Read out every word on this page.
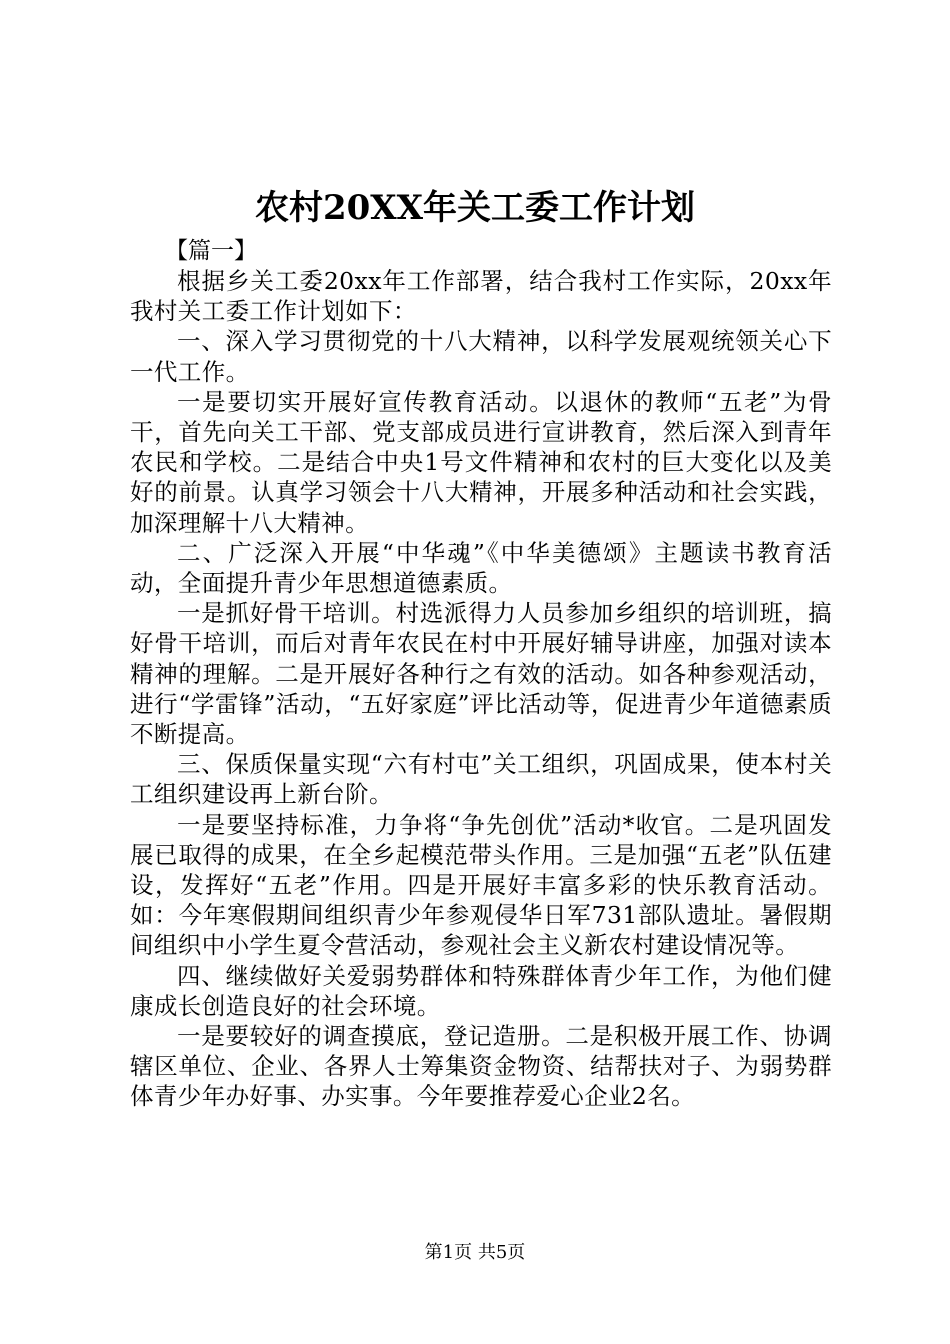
农村20XX年关工委工作计划
【篇一】

根据乡关工委20xx年工作部署，结合我村工作实际，20xx年我村关工委工作计划如下：

一、深入学习贯彻党的十八大精神，以科学发展观统领关心下一代工作。

一是要切实开展好宣传教育活动。以退休的教师“五老”为骨干，首先向关工干部、党支部成员进行宣讲教育，然后深入到青年农民和学校。二是结合中央1号文件精神和农村的巨大变化以及美好的前景。认真学习领会十八大精神，开展多种活动和社会实践，加深理解十八大精神。

二、广泛深入开展“中华魂”《中华美德颂》主题读书教育活动，全面提升青少年思想道德素质。

一是抓好骨干培训。村选派得力人员参加乡组织的培训班，搞好骨干培训，而后对青年农民在村中开展好辅导讲座，加强对读本精神的理解。二是开展好各种行之有效的活动。如各种参观活动，进行“学雷锋”活动，“五好家庭”评比活动等，促进青少年道德素质不断提高。

三、保质保量实现“六有村屯”关工组织，巩固成果，使本村关工组织建设再上新台阶。

一是要坚持标准，力争将“争先创优”活动*收官。二是巩固发展已取得的成果，在全乡起模范带头作用。三是加强“五老”队伍建设，发挥好“五老”作用。四是开展好丰富多彩的快乐教育活动。如：今年寒假期间组织青少年参观侵华日军731部队遗址。暑假期间组织中小学生夏令营活动，参观社会主义新农村建设情况等。

四、继续做好关爱弱势群体和特殊群体青少年工作，为他们健康成长创造良好的社会环境。

一是要较好的调查摸底，登记造册。二是积极开展工作、协调辖区单位、企业、各界人士筹集资金物资、结帮扶对子、为弱势群体青少年办好事、办实事。今年要推荐爱心企业2名。

第1页 共5页
